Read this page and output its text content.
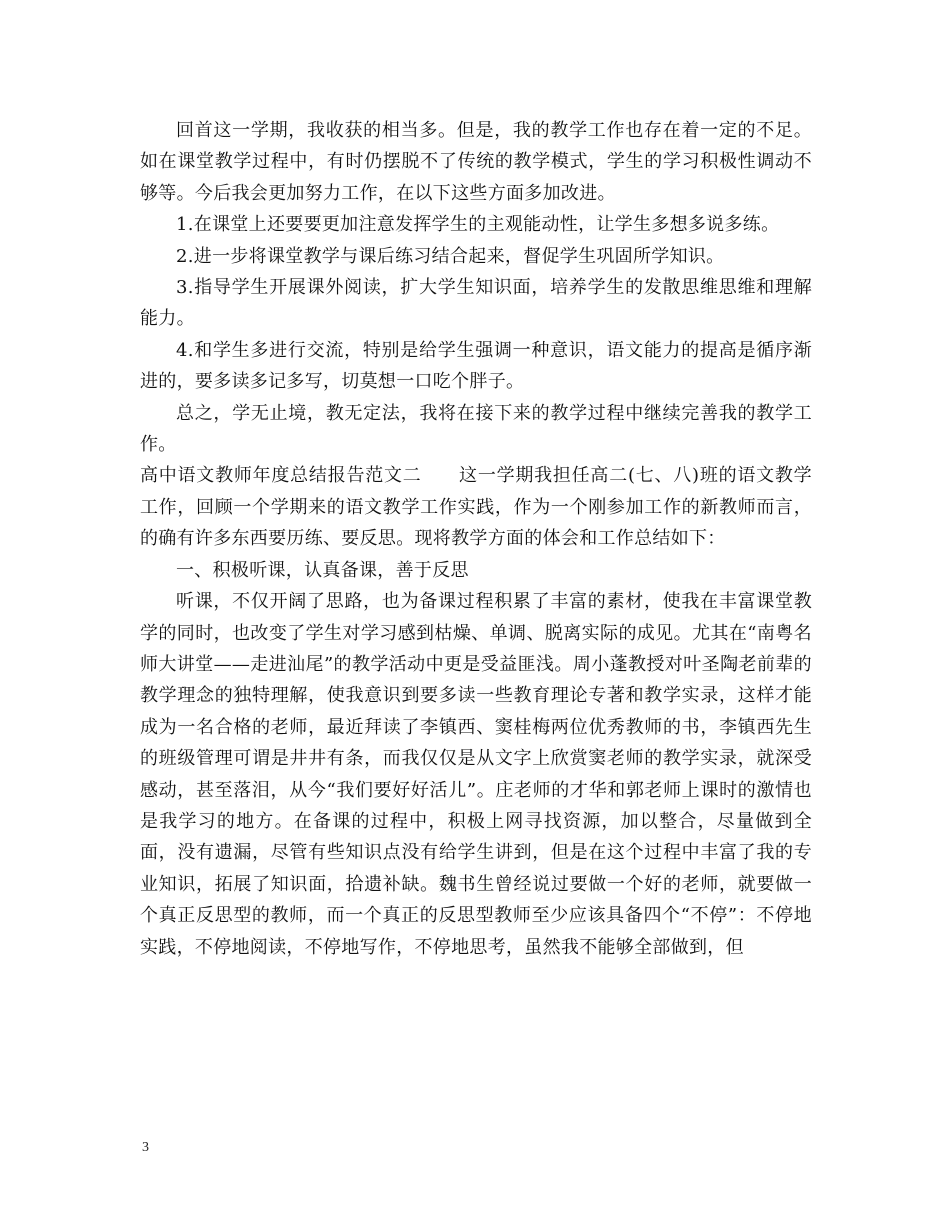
回首这一学期，我收获的相当多。但是，我的教学工作也存在着一定的不足。如在课堂教学过程中，有时仍摆脱不了传统的教学模式，学生的学习积极性调动不够等。今后我会更加努力工作，在以下这些方面多加改进。

1.在课堂上还要要更加注意发挥学生的主观能动性，让学生多想多说多练。

2.进一步将课堂教学与课后练习结合起来，督促学生巩固所学知识。

3.指导学生开展课外阅读，扩大学生知识面，培养学生的发散思维思维和理解能力。

4.和学生多进行交流，特别是给学生强调一种意识，语文能力的提高是循序渐进的，要多读多记多写，切莫想一口吃个胖子。

总之，学无止境，教无定法，我将在接下来的教学过程中继续完善我的教学工作。

高中语文教师年度总结报告范文二　　这一学期我担任高二(七、八)班的语文教学工作，回顾一个学期来的语文教学工作实践，作为一个刚参加工作的新教师而言，的确有许多东西要历练、要反思。现将教学方面的体会和工作总结如下：

一、积极听课，认真备课，善于反思

听课，不仅开阔了思路，也为备课过程积累了丰富的素材，使我在丰富课堂教学的同时，也改变了学生对学习感到枯燥、单调、脱离实际的成见。尤其在“南粤名师大讲堂——走进汕尾”的教学活动中更是受益匪浅。周小蓬教授对叶圣陶老前辈的教学理念的独特理解，使我意识到要多读一些教育理论专著和教学实录，这样才能成为一名合格的老师，最近拜读了李镇西、窦桂梅两位优秀教师的书，李镇西先生的班级管理可谓是井井有条，而我仅仅是从文字上欣赏窦老师的教学实录，就深受感动，甚至落泪，从今“我们要好好活儿”。庄老师的才华和郭老师上课时的激情也是我学习的地方。在备课的过程中，积极上网寻找资源，加以整合，尽量做到全面，没有遗漏，尽管有些知识点没有给学生讲到，但是在这个过程中丰富了我的专业知识，拓展了知识面，拾遗补缺。魏书生曾经说过要做一个好的老师，就要做一个真正反思型的教师，而一个真正的反思型教师至少应该具备四个“不停”：不停地实践，不停地阅读，不停地写作，不停地思考，虽然我不能够全部做到，但

3
